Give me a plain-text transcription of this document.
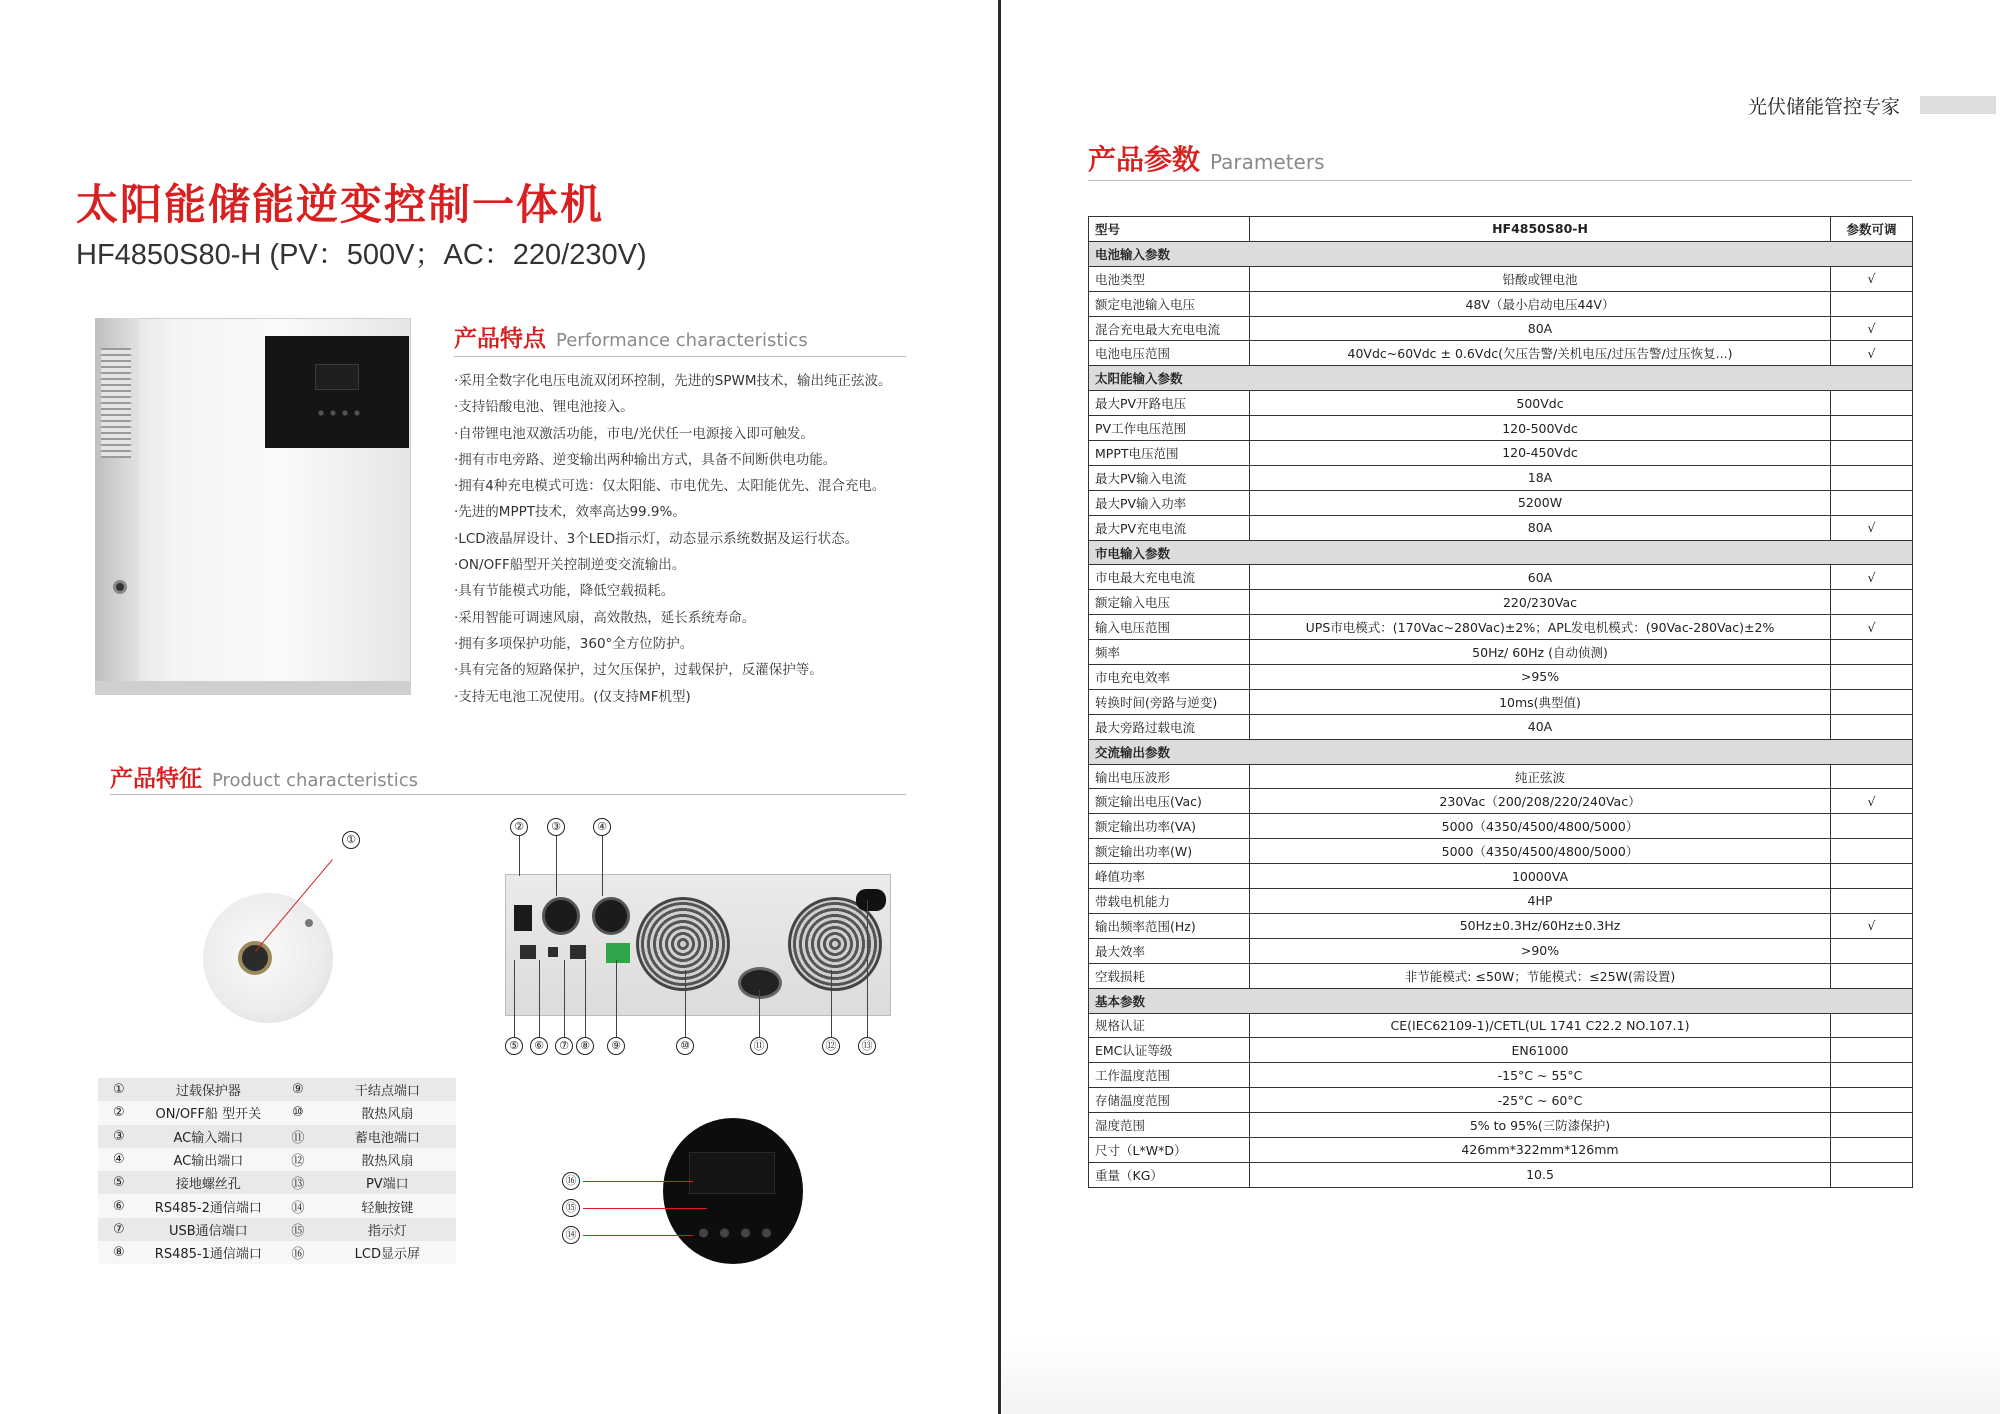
太阳能储能逆变控制一体机
HF4850S80-H (PV：500V；AC：220/230V)
产品特点 Performance characteristics
·采用全数字化电压电流双闭环控制，先进的SPWM技术，输出纯正弦波。
·支持铅酸电池、锂电池接入。
·自带锂电池双激活功能，市电/光伏任一电源接入即可触发。
·拥有市电旁路、逆变输出两种输出方式，具备不间断供电功能。
·拥有4种充电模式可选：仅太阳能、市电优先、太阳能优先、混合充电。
·先进的MPPT技术，效率高达99.9%。
·LCD液晶屏设计、3个LED指示灯，动态显示系统数据及运行状态。
·ON/OFF船型开关控制逆变交流输出。
·具有节能模式功能，降低空载损耗。
·采用智能可调速风扇，高效散热，延长系统寿命。
·拥有多项保护功能，360°全方位防护。
·具有完备的短路保护，过欠压保护，过载保护，反灌保护等。
·支持无电池工况使用。(仅支持MF机型)
产品特征 Product characteristics
①
②	③	④
⑤	⑥	⑦	⑧	⑨	⑩	⑪	⑫	⑬
①	过载保护器	⑨	干结点端口
②	ON/OFF船 型开关	⑩	散热风扇
③	AC输入端口	⑪	蓄电池端口
④	AC输出端口	⑫	散热风扇
⑤	接地螺丝孔	⑬	PV端口
⑥	RS485-2通信端口	⑭	轻触按键
⑦	USB通信端口	⑮	指示灯
⑧	RS485-1通信端口	⑯	LCD显示屏
⑯
⑮
⑭
光伏储能管控专家
产品参数 Parameters
型号	HF4850S80-H	参数可调
电池输入参数		
电池类型	铅酸或锂电池	√
额定电池输入电压	48V（最小启动电压44V）	
混合充电最大充电电流	80A	√
电池电压范围	40Vdc~60Vdc ± 0.6Vdc(欠压告警/关机电压/过压告警/过压恢复...)	√
太阳能输入参数		
最大PV开路电压	500Vdc	
PV工作电压范围	120-500Vdc	
MPPT电压范围	120-450Vdc	
最大PV输入电流	18A	
最大PV输入功率	5200W	
最大PV充电电流	80A	√
市电输入参数		
市电最大充电电流	60A	√
额定输入电压	220/230Vac	
输入电压范围	UPS市电模式：(170Vac~280Vac)±2%；APL发电机模式：(90Vac-280Vac)±2%	√
频率	50Hz/ 60Hz (自动侦测)	
市电充电效率	>95%	
转换时间(旁路与逆变)	10ms(典型值)	
最大旁路过载电流	40A	
交流输出参数		
输出电压波形	纯正弦波	
额定输出电压(Vac)	230Vac（200/208/220/240Vac）	√
额定输出功率(VA)	5000（4350/4500/4800/5000）	
额定输出功率(W)	5000（4350/4500/4800/5000）	
峰值功率	10000VA	
带载电机能力	4HP	
输出频率范围(Hz)	50Hz±0.3Hz/60Hz±0.3Hz	√
最大效率	>90%	
空载损耗	非节能模式: ≤50W；节能模式：≤25W(需设置)	
基本参数		
规格认证	CE(IEC62109-1)/CETL(UL 1741 C22.2 NO.107.1)	
EMC认证等级	EN61000	
工作温度范围	-15°C ~ 55°C	
存储温度范围	-25°C ~ 60°C	
湿度范围	5% to 95%(三防漆保护)	
尺寸（L*W*D）	426mm*322mm*126mm	
重量（KG）	10.5	
